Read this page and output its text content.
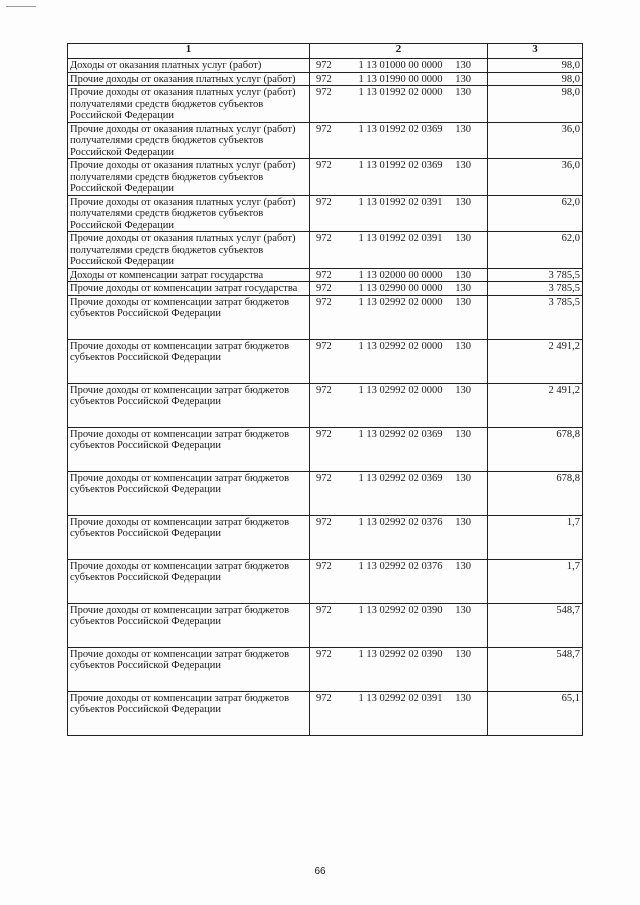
1	2	3
Доходы от оказания платных услуг (работ)	972 1 13 01000 00 0000 130	98,0
Прочие доходы от оказания платных услуг (работ)	972 1 13 01990 00 0000 130	98,0
Прочие доходы от оказания платных услуг (работ) получателями средств бюджетов субъектов Российской Федерации	972 1 13 01992 02 0000 130	98,0
Прочие доходы от оказания платных услуг (работ) получателями средств бюджетов субъектов Российской Федерации	972 1 13 01992 02 0369 130	36,0
Прочие доходы от оказания платных услуг (работ) получателями средств бюджетов субъектов Российской Федерации	972 1 13 01992 02 0369 130	36,0
Прочие доходы от оказания платных услуг (работ) получателями средств бюджетов субъектов Российской Федерации	972 1 13 01992 02 0391 130	62,0
Прочие доходы от оказания платных услуг (работ) получателями средств бюджетов субъектов Российской Федерации	972 1 13 01992 02 0391 130	62,0
Доходы от компенсации затрат государства	972 1 13 02000 00 0000 130	3 785,5
Прочие доходы от компенсации затрат государства	972 1 13 02990 00 0000 130	3 785,5
Прочие доходы от компенсации затрат бюджетов субъектов Российской Федерации	972 1 13 02992 02 0000 130	3 785,5
Прочие доходы от компенсации затрат бюджетов субъектов Российской Федерации	972 1 13 02992 02 0000 130	2 491,2
Прочие доходы от компенсации затрат бюджетов субъектов Российской Федерации	972 1 13 02992 02 0000 130	2 491,2
Прочие доходы от компенсации затрат бюджетов субъектов Российской Федерации	972 1 13 02992 02 0369 130	678,8
Прочие доходы от компенсации затрат бюджетов субъектов Российской Федерации	972 1 13 02992 02 0369 130	678,8
Прочие доходы от компенсации затрат бюджетов субъектов Российской Федерации	972 1 13 02992 02 0376 130	1,7
Прочие доходы от компенсации затрат бюджетов субъектов Российской Федерации	972 1 13 02992 02 0376 130	1,7
Прочие доходы от компенсации затрат бюджетов субъектов Российской Федерации	972 1 13 02992 02 0390 130	548,7
Прочие доходы от компенсации затрат бюджетов субъектов Российской Федерации	972 1 13 02992 02 0390 130	548,7
Прочие доходы от компенсации затрат бюджетов субъектов Российской Федерации	972 1 13 02992 02 0391 130	65,1
66
